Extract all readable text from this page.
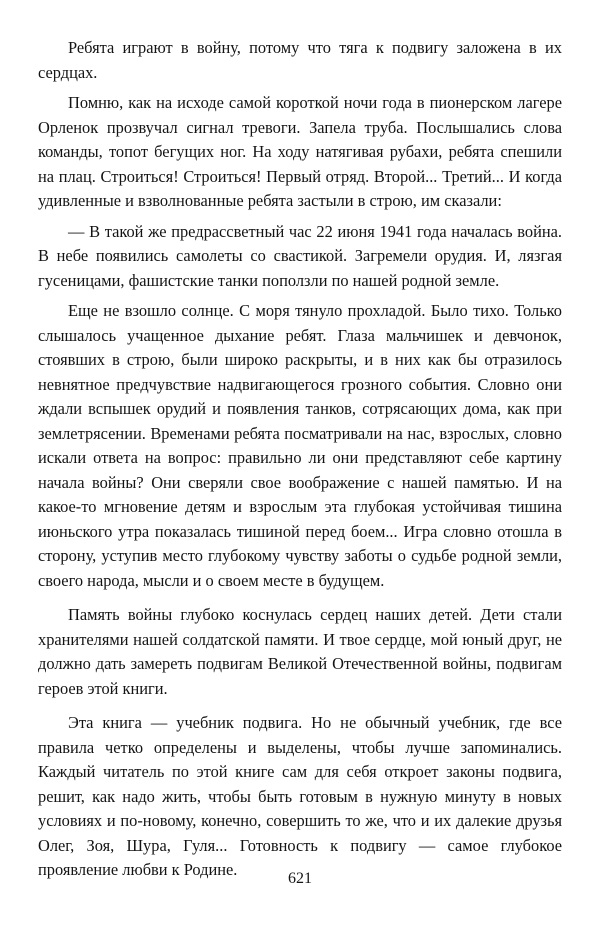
Ребята играют в войну, потому что тяга к подвигу заложена в их сердцах.

Помню, как на исходе самой короткой ночи года в пионерском лагере Орленок прозвучал сигнал тревоги. Запела труба. Послышались слова команды, топот бегущих ног. На ходу натягивая рубахи, ребята спешили на плац. Строиться! Строиться! Первый отряд. Второй... Третий... И когда удивленные и взволнованные ребята застыли в строю, им сказали:

— В такой же предрассветный час 22 июня 1941 года началась война. В небе появились самолеты со свастикой. Загремели орудия. И, лязгая гусеницами, фашистские танки поползли по нашей родной земле.

Еще не взошло солнце. С моря тянуло прохладой. Было тихо. Только слышалось учащенное дыхание ребят. Глаза мальчишек и девчонок, стоявших в строю, были широко раскрыты, и в них как бы отразилось невнятное предчувствие надвигающегося грозного события. Словно они ждали вспышек орудий и появления танков, сотрясающих дома, как при землетрясении. Временами ребята посматривали на нас, взрослых, словно искали ответа на вопрос: правильно ли они представляют себе картину начала войны? Они сверяли свое воображение с нашей памятью. И на какое-то мгновение детям и взрослым эта глубокая устойчивая тишина июньского утра показалась тишиной перед боем... Игра словно отошла в сторону, уступив место глубокому чувству заботы о судьбе родной земли, своего народа, мысли и о своем месте в будущем.

Память войны глубоко коснулась сердец наших детей. Дети стали хранителями нашей солдатской памяти. И твое сердце, мой юный друг, не должно дать замереть подвигам Великой Отечественной войны, подвигам героев этой книги.

Эта книга — учебник подвига. Но не обычный учебник, где все правила четко определены и выделены, чтобы лучше запоминались. Каждый читатель по этой книге сам для себя откроет законы подвига, решит, как надо жить, чтобы быть готовым в нужную минуту в новых условиях и по-новому, конечно, совершить то же, что и их далекие друзья Олег, Зоя, Шура, Гуля... Готовность к подвигу — самое глубокое проявление любви к Родине.	621
